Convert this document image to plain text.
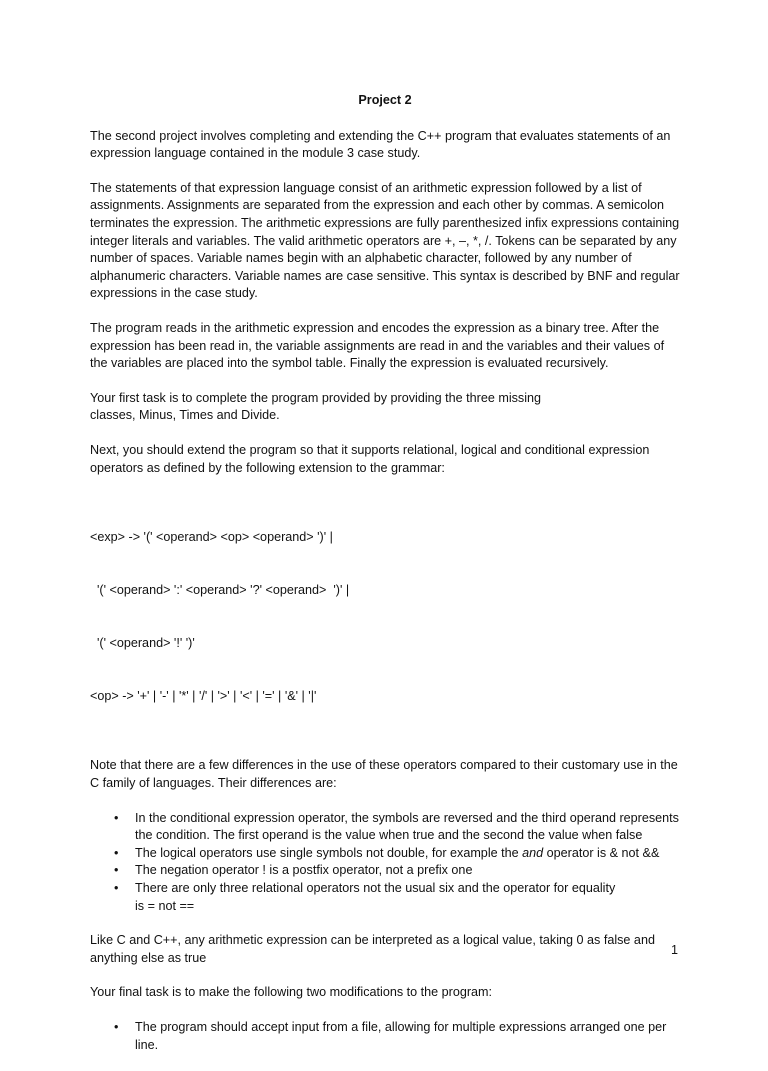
Project 2

The second project involves completing and extending the C++ program that evaluates statements of an expression language contained in the module 3 case study.

The statements of that expression language consist of an arithmetic expression followed by a list of assignments. Assignments are separated from the expression and each other by commas. A semicolon terminates the expression. The arithmetic expressions are fully parenthesized infix expressions containing integer literals and variables. The valid arithmetic operators are +, –, *, /. Tokens can be separated by any number of spaces. Variable names begin with an alphabetic character, followed by any number of alphanumeric characters. Variable names are case sensitive. This syntax is described by BNF and regular expressions in the case study.

The program reads in the arithmetic expression and encodes the expression as a binary tree. After the expression has been read in, the variable assignments are read in and the variables and their values of the variables are placed into the symbol table. Finally the expression is evaluated recursively.

Your first task is to complete the program provided by providing the three missing
classes, Minus, Times and Divide.

Next, you should extend the program so that it supports relational, logical and conditional expression operators as defined by the following extension to the grammar:

<exp> -> '(' <operand> <op> <operand> ')' |

'(' <operand> ':' <operand> '?' <operand>  ')' |

'(' <operand> '!' ')'

<op> -> '+' | '-' | '*' | '/' | '>' | '<' | '=' | '&' | '|'

Note that there are a few differences in the use of these operators compared to their customary use in the C family of languages. Their differences are:

• In the conditional expression operator, the symbols are reversed and the third operand represents the condition. The first operand is the value when true and the second the value when false
• The logical operators use single symbols not double, for example the and operator is & not &&
• The negation operator ! is a postfix operator, not a prefix one
• There are only three relational operators not the usual six and the operator for equality
is = not ==

Like C and C++, any arithmetic expression can be interpreted as a logical value, taking 0 as false and anything else as true

Your final task is to make the following two modifications to the program:

• The program should accept input from a file, allowing for multiple expressions arranged one per line.
1
